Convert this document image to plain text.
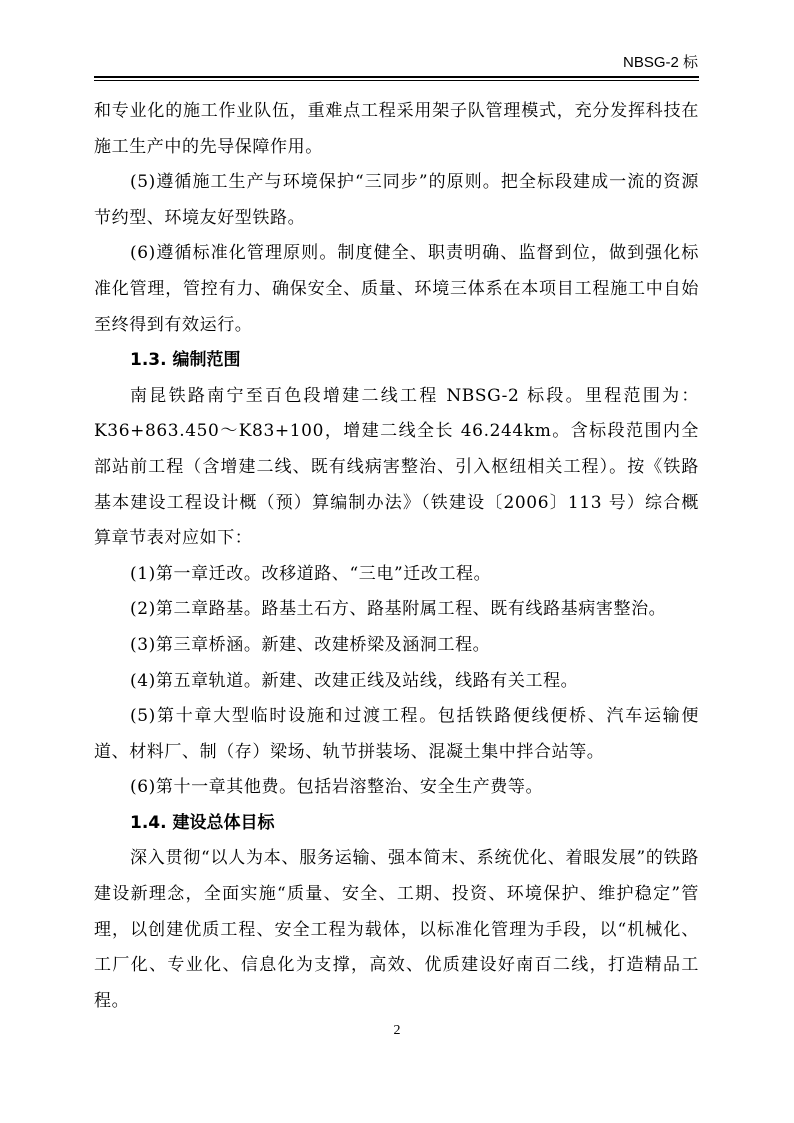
NBSG-2 标

和专业化的施工作业队伍，重难点工程采用架子队管理模式，充分发挥科技在施工生产中的先导保障作用。

(5)遵循施工生产与环境保护“三同步”的原则。把全标段建成一流的资源节约型、环境友好型铁路。

(6)遵循标准化管理原则。制度健全、职责明确、监督到位，做到强化标准化管理，管控有力、确保安全、质量、环境三体系在本项目工程施工中自始至终得到有效运行。

1.3. 编制范围

南昆铁路南宁至百色段增建二线工程 NBSG-2 标段。里程范围为：K36+863.450～K83+100，增建二线全长 46.244km。含标段范围内全部站前工程（含增建二线、既有线病害整治、引入枢纽相关工程）。按《铁路基本建设工程设计概（预）算编制办法》（铁建设〔2006〕113 号）综合概算章节表对应如下：

(1)第一章迁改。改移道路、“三电”迁改工程。

(2)第二章路基。路基土石方、路基附属工程、既有线路基病害整治。

(3)第三章桥涵。新建、改建桥梁及涵洞工程。

(4)第五章轨道。新建、改建正线及站线，线路有关工程。

(5)第十章大型临时设施和过渡工程。包括铁路便线便桥、汽车运输便道、材料厂、制（存）梁场、轨节拼装场、混凝土集中拌合站等。

(6)第十一章其他费。包括岩溶整治、安全生产费等。

1.4. 建设总体目标

深入贯彻“以人为本、服务运输、强本简末、系统优化、着眼发展”的铁路建设新理念，全面实施“质量、安全、工期、投资、环境保护、维护稳定”管理，以创建优质工程、安全工程为载体，以标准化管理为手段，以“机械化、工厂化、专业化、信息化为支撑，高效、优质建设好南百二线，打造精品工程。

2
